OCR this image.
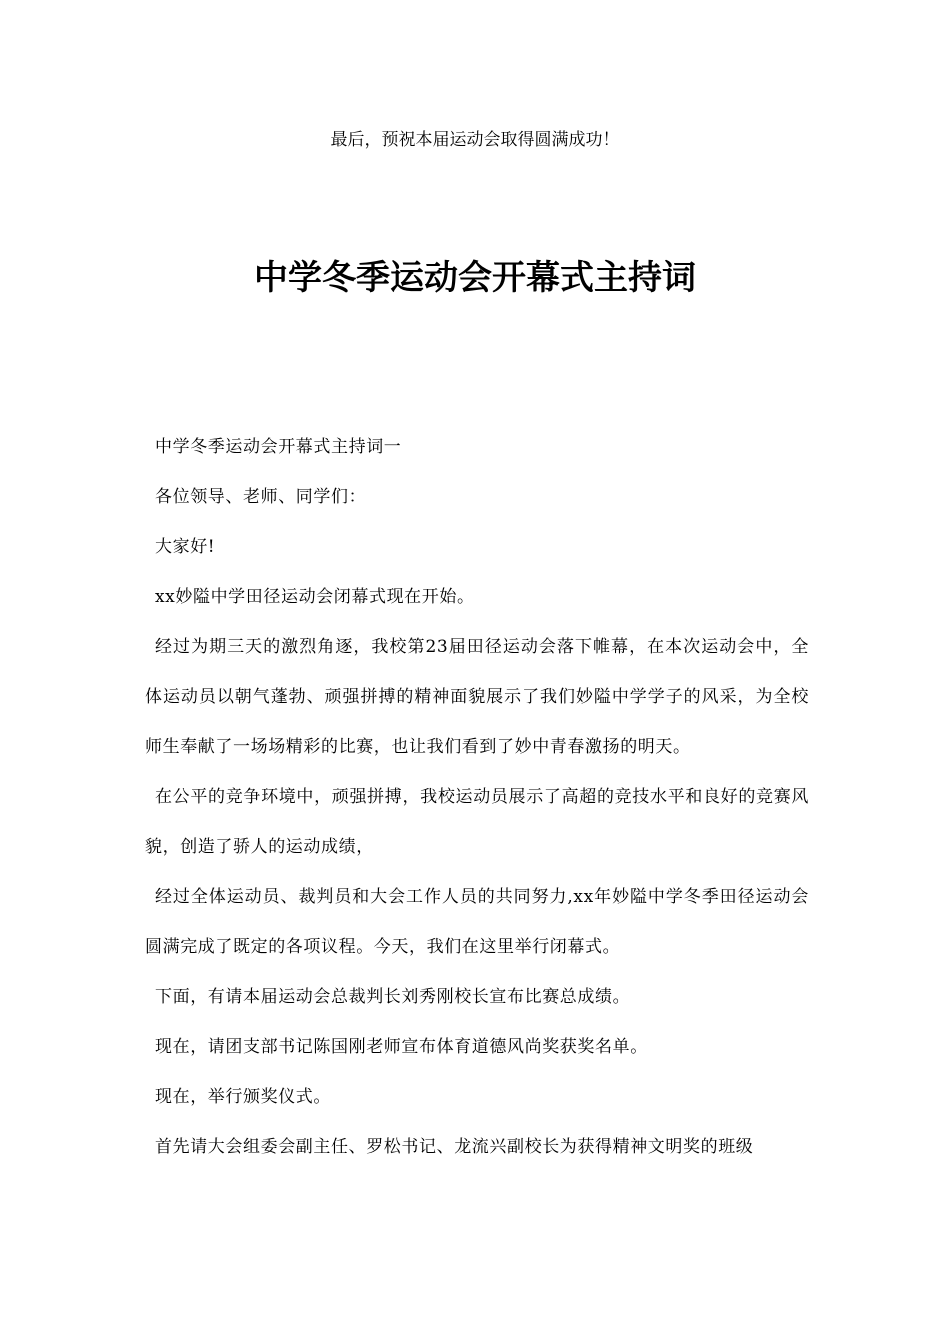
最后，预祝本届运动会取得圆满成功！
中学冬季运动会开幕式主持词

中学冬季运动会开幕式主持词一

各位领导、老师、同学们：

大家好!

xx妙隘中学田径运动会闭幕式现在开始。

经过为期三天的激烈角逐，我校第23届田径运动会落下帷幕，在本次运动会中，全体运动员以朝气蓬勃、顽强拼搏的精神面貌展示了我们妙隘中学学子的风采，为全校师生奉献了一场场精彩的比赛，也让我们看到了妙中青春激扬的明天。

在公平的竞争环境中，顽强拼搏，我校运动员展示了高超的竞技水平和良好的竞赛风貌，创造了骄人的运动成绩，

经过全体运动员、裁判员和大会工作人员的共同努力,xx年妙隘中学冬季田径运动会圆满完成了既定的各项议程。今天，我们在这里举行闭幕式。

下面，有请本届运动会总裁判长刘秀刚校长宣布比赛总成绩。

现在，请团支部书记陈国刚老师宣布体育道德风尚奖获奖名单。

现在，举行颁奖仪式。

首先请大会组委会副主任、罗松书记、龙流兴副校长为获得精神文明奖的班级
